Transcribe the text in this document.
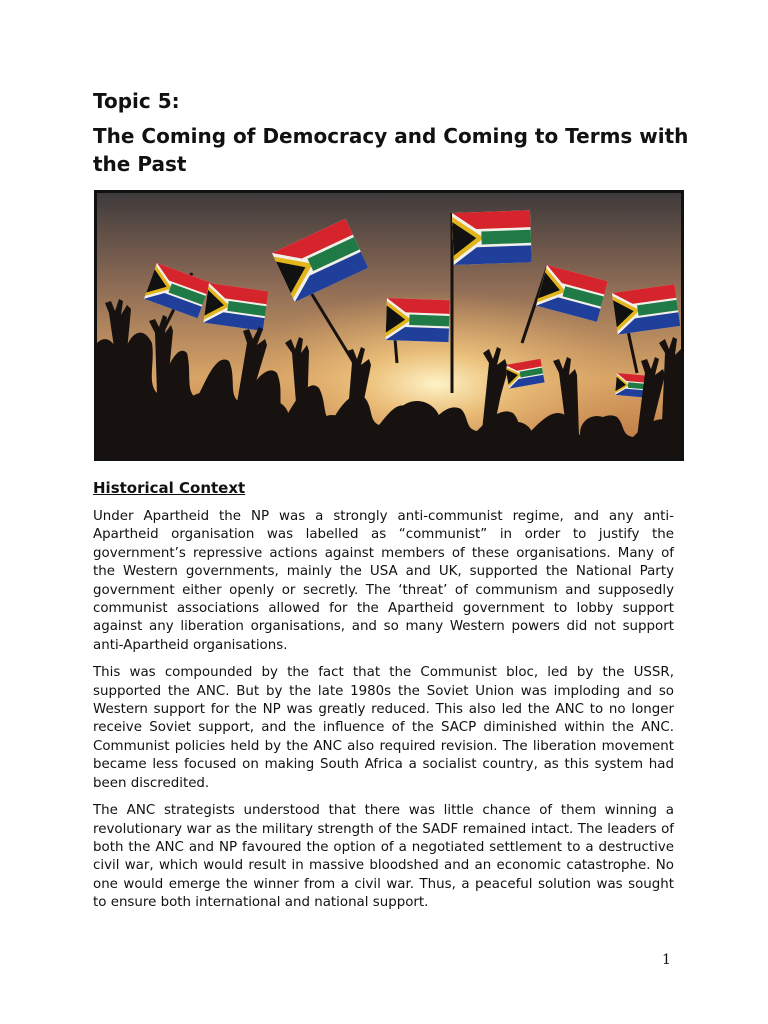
Topic 5:
The Coming of Democracy and Coming to Terms with the Past
Historical Context

Under Apartheid the NP was a strongly anti-communist regime, and any anti-Apartheid organisation was labelled as “communist” in order to justify the government’s repressive actions against members of these organisations. Many of the Western governments, mainly the USA and UK, supported the National Party government either openly or secretly. The ‘threat’ of communism and supposedly communist associations allowed for the Apartheid government to lobby support against any liberation organisations, and so many Western powers did not support anti-Apartheid organisations.

This was compounded by the fact that the Communist bloc, led by the USSR, supported the ANC. But by the late 1980s the Soviet Union was imploding and so Western support for the NP was greatly reduced. This also led the ANC to no longer receive Soviet support, and the influence of the SACP diminished within the ANC. Communist policies held by the ANC also required revision. The liberation movement became less focused on making South Africa a socialist country, as this system had been discredited.

The ANC strategists understood that there was little chance of them winning a revolutionary war as the military strength of the SADF remained intact. The leaders of both the ANC and NP favoured the option of a negotiated settlement to a destructive civil war, which would result in massive bloodshed and an economic catastrophe. No one would emerge the winner from a civil war. Thus, a peaceful solution was sought to ensure both international and national support.

1
